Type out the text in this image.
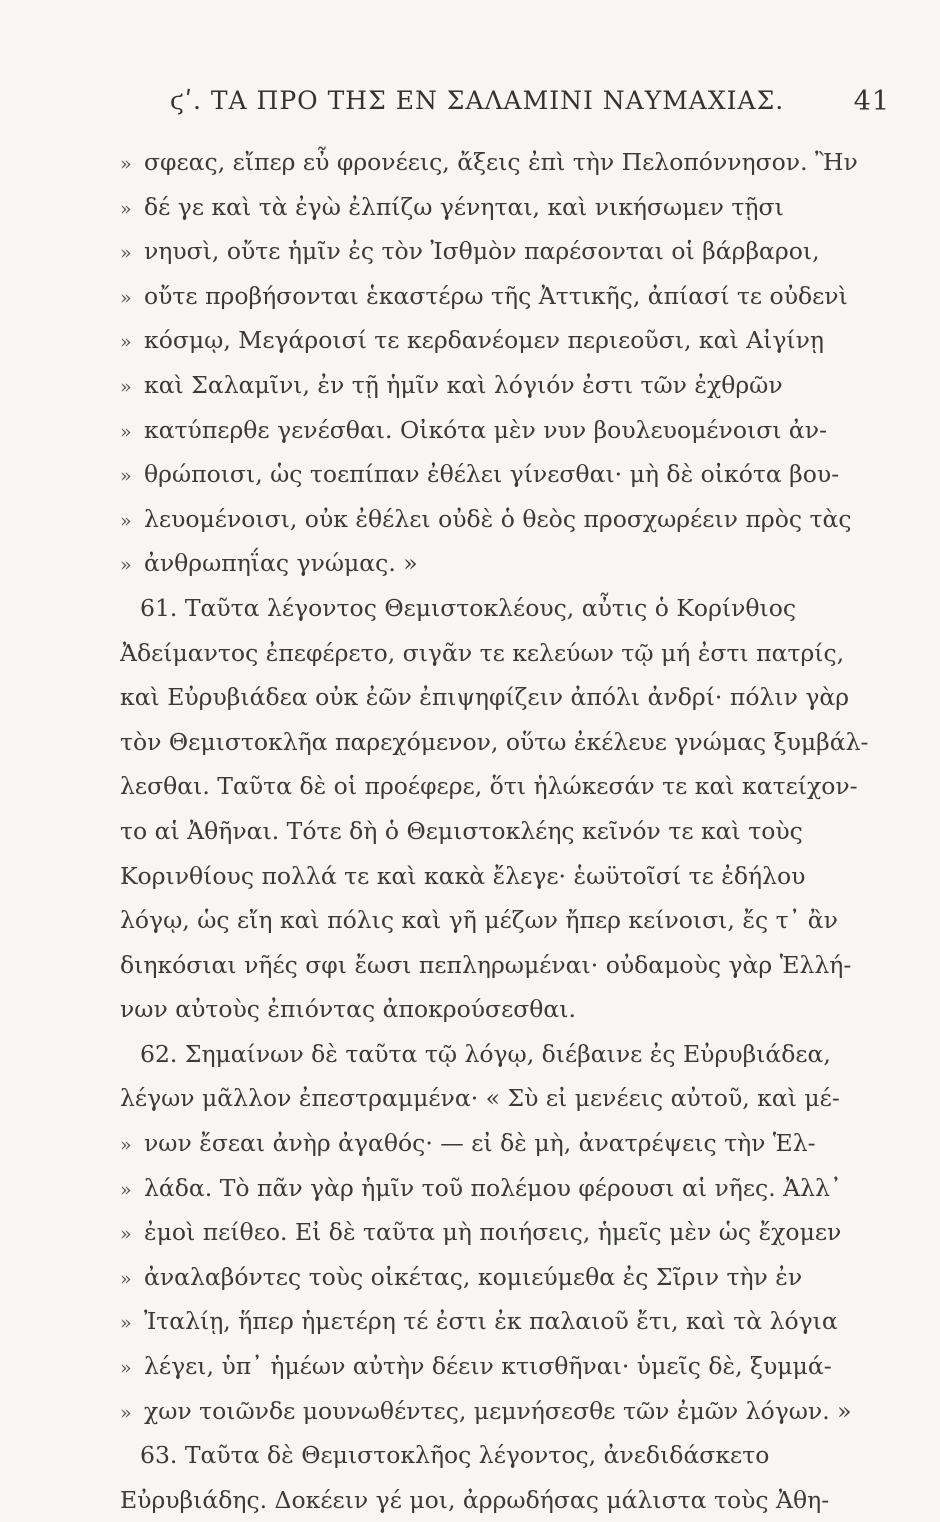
ϛʹ. ΤΑ ΠΡΟ ΤΗΣ ΕΝ ΣΑΛΑΜΙΝΙ ΝΑΥΜΑΧΙΑΣ.	41
» σφεας, εἴπερ εὖ φρονέεις, ἄξεις ἐπὶ τὴν Πελοπόννησον. Ἢν
» δέ γε καὶ τὰ ἐγὼ ἐλπίζω γένηται, καὶ νικήσωμεν τῇσι
» νηυσὶ, οὔτε ἡμῖν ἐς τὸν Ἰσθμὸν παρέσονται οἱ βάρβαροι,
» οὔτε προβήσονται ἑκαστέρω τῆς Ἀττικῆς, ἀπίασί τε οὐδενὶ
» κόσμῳ, Μεγάροισί τε κερδανέομεν περιεοῦσι, καὶ Αἰγίνῃ
» καὶ Σαλαμῖνι, ἐν τῇ ἡμῖν καὶ λόγιόν ἐστι τῶν ἐχθρῶν
» κατύπερθε γενέσθαι. Οἰκότα μὲν νυν βουλευομένοισι ἀν-
» θρώποισι, ὡς τοεπίπαν ἐθέλει γίνεσθαι· μὴ δὲ οἰκότα βου-
» λευομένοισι, οὐκ ἐθέλει οὐδὲ ὁ θεὸς προσχωρέειν πρὸς τὰς
» ἀνθρωπηΐας γνώμας. »
61. Ταῦτα λέγοντος Θεμιστοκλέους, αὖτις ὁ Κορίνθιος
Ἀδείμαντος ἐπεφέρετο, σιγᾶν τε κελεύων τῷ μή ἐστι πατρίς,
καὶ Εὐρυβιάδεα οὐκ ἐῶν ἐπιψηφίζειν ἀπόλι ἀνδρί· πόλιν γὰρ
τὸν Θεμιστοκλῆα παρεχόμενον, οὕτω ἐκέλευε γνώμας ξυμβάλ-
λεσθαι. Ταῦτα δὲ οἱ προέφερε, ὅτι ἡλώκεσάν τε καὶ κατείχον-
το αἱ Ἀθῆναι. Τότε δὴ ὁ Θεμιστοκλέης κεῖνόν τε καὶ τοὺς
Κορινθίους πολλά τε καὶ κακὰ ἔλεγε· ἑωϋτοῖσί τε ἐδήλου
λόγῳ, ὡς εἴη καὶ πόλις καὶ γῆ μέζων ἤπερ κείνοισι, ἔς τ᾽ ἂν
διηκόσιαι νῆές σφι ἔωσι πεπληρωμέναι· οὐδαμοὺς γὰρ Ἑλλή-
νων αὐτοὺς ἐπιόντας ἀποκρούσεσθαι.
62. Σημαίνων δὲ ταῦτα τῷ λόγῳ, διέβαινε ἐς Εὐρυβιάδεα,
λέγων μᾶλλον ἐπεστραμμένα· « Σὺ εἰ μενέεις αὐτοῦ, καὶ μέ-
» νων ἔσεαι ἀνὴρ ἀγαθός· — εἰ δὲ μὴ, ἀνατρέψεις τὴν Ἑλ-
» λάδα. Τὸ πᾶν γὰρ ἡμῖν τοῦ πολέμου φέρουσι αἱ νῆες. Ἀλλ᾽
» ἐμοὶ πείθεο. Εἰ δὲ ταῦτα μὴ ποιήσεις, ἡμεῖς μὲν ὡς ἔχομεν
» ἀναλαβόντες τοὺς οἰκέτας, κομιεύμεθα ἐς Σῖριν τὴν ἐν
» Ἰταλίῃ, ἥπερ ἡμετέρη τέ ἐστι ἐκ παλαιοῦ ἔτι, καὶ τὰ λόγια
» λέγει, ὑπ᾽ ἡμέων αὐτὴν δέειν κτισθῆναι· ὑμεῖς δὲ, ξυμμά-
» χων τοιῶνδε μουνωθέντες, μεμνήσεσθε τῶν ἐμῶν λόγων. »
63. Ταῦτα δὲ Θεμιστοκλῆος λέγοντος, ἀνεδιδάσκετο
Εὐρυβιάδης. Δοκέειν γέ μοι, ἀρρωδήσας μάλιστα τοὺς Ἀθη-
